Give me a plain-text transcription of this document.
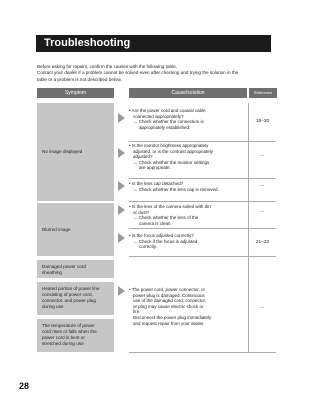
Troubleshooting
Before asking for repairs, confirm the causes with the following table.
Contact your dealer if a problem cannot be solved even after checking and trying the solution in the
table or a problem is not described below.
Symptom	Cause/solution	Reference page
No image displayed
Blurred image
Damaged power cord
sheathing
Heated portion of power line
consisting of power cord,
connector, and power plug
during use
The temperature of power
cord rises or falls when the
power cord is bent or
stretched during use
• Are the power cord and coaxial cable
connected appropriately?
→ Check whether the connection is
appropriately established.
18–20
• Is the monitor brightness appropriately
adjusted, or is the contrast appropriately
adjusted?
→ Check whether the monitor settings
are appropriate.
–
• Is the lens cap detached?
→ Check whether the lens cap is removed.
–
• Is the lens of the camera soiled with dirt
or dust?
→ Check whether the lens of the
camera is clean.
–
• Is the focus adjusted correctly?
→ Check if the focus is adjusted
correctly.
21–22
• The power cord, power connector, or
power plug is damaged. Continuous
use of the damaged cord, connector,
or plug may cause electric shock or
fire.
Disconnect the power plug immediately
and request repair from your dealer.
–
28
